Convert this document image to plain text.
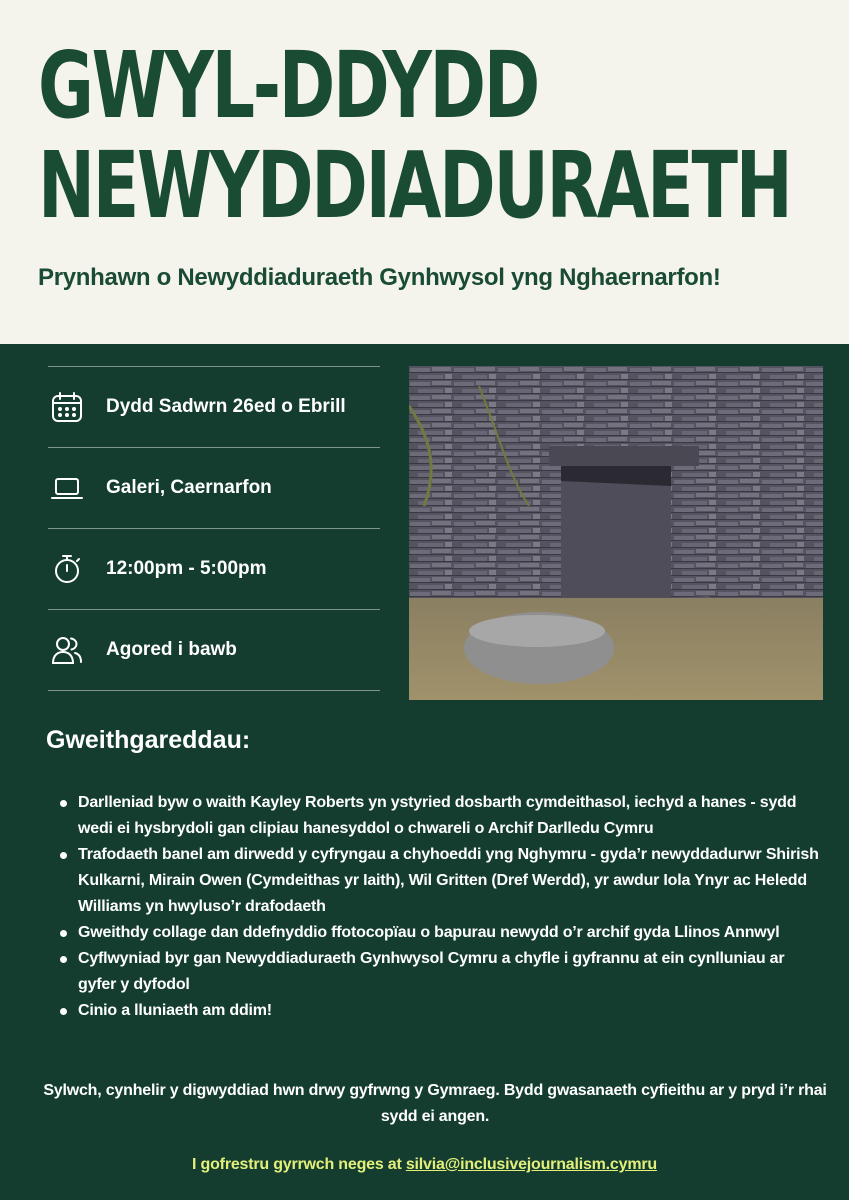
GWYL-DDYDD
NEWYDDIADURAETH

Prynhawn o Newyddiaduraeth Gynhwysol yng Nghaernarfon!

Dydd Sadwrn 26ed o Ebrill
Galeri, Caernarfon
12:00pm - 5:00pm
Agored i bawb
Gweithgareddau:
Darlleniad byw o waith Kayley Roberts yn ystyried dosbarth cymdeithasol, iechyd a hanes - sydd wedi ei hysbrydoli gan clipiau hanesyddol o chwareli o Archif Darlledu Cymru
Trafodaeth banel am dirwedd y cyfryngau a chyhoeddi yng Nghymru - gyda’r newyddadurwr Shirish Kulkarni, Mirain Owen (Cymdeithas yr Iaith), Wil Gritten (Dref Werdd), yr awdur Iola Ynyr ac Heledd Williams yn hwyluso’r drafodaeth
Gweithdy collage dan ddefnyddio ffotocopïau o bapurau newydd o’r archif gyda Llinos Annwyl
Cyflwyniad byr gan Newyddiaduraeth Gynhwysol Cymru a chyfle i gyfrannu at ein cynlluniau ar gyfer y dyfodol
Cinio a lluniaeth am ddim!

Sylwch, cynhelir y digwyddiad hwn drwy gyfrwng y Gymraeg. Bydd gwasanaeth cyfieithu ar y pryd i’r rhai sydd ei angen.

I gofrestru gyrrwch neges at silvia@inclusivejournalism.cymru
